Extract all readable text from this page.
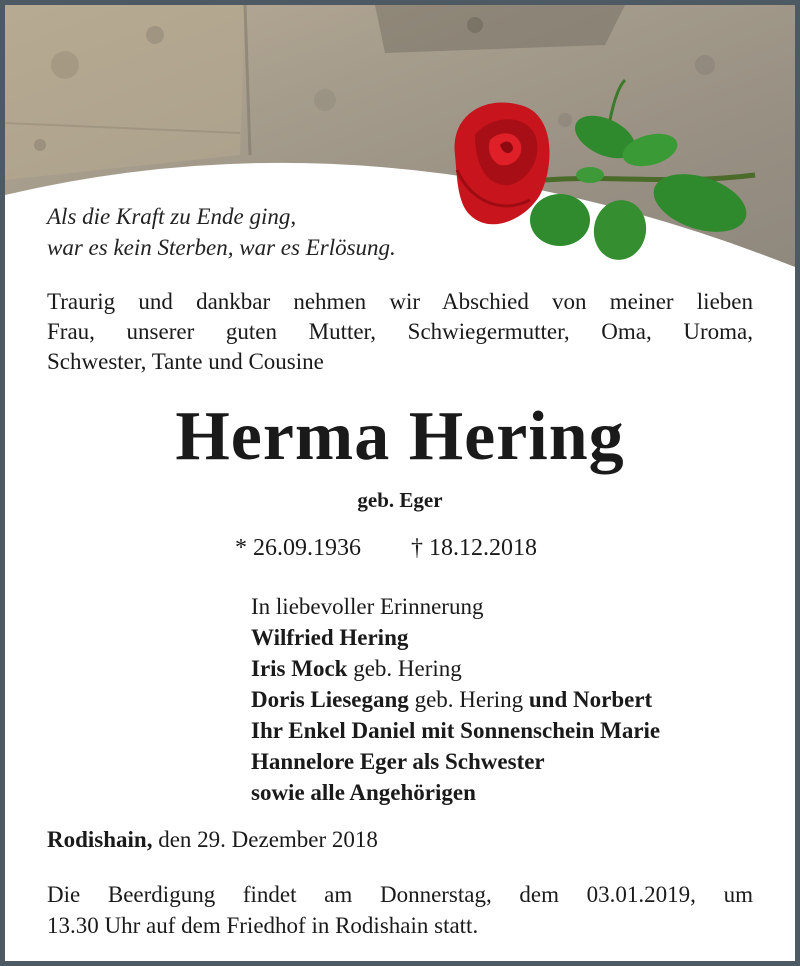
Als die Kraft zu Ende ging,
war es kein Sterben, war es Erlösung.
Traurig und dankbar nehmen wir Abschied von meiner lieben
Frau, unserer guten Mutter, Schwiegermutter, Oma, Uroma,
Schwester, Tante und Cousine
Herma Hering
geb. Eger
* 26.09.1936 † 18.12.2018
In liebevoller Erinnerung
Wilfried Hering
Iris Mock geb. Hering
Doris Liesegang geb. Hering und Norbert
Ihr Enkel Daniel mit Sonnenschein Marie
Hannelore Eger als Schwester
sowie alle Angehörigen
Rodishain, den 29. Dezember 2018
Die Beerdigung findet am Donnerstag, dem 03.01.2019, um
13.30 Uhr auf dem Friedhof in Rodishain statt.
